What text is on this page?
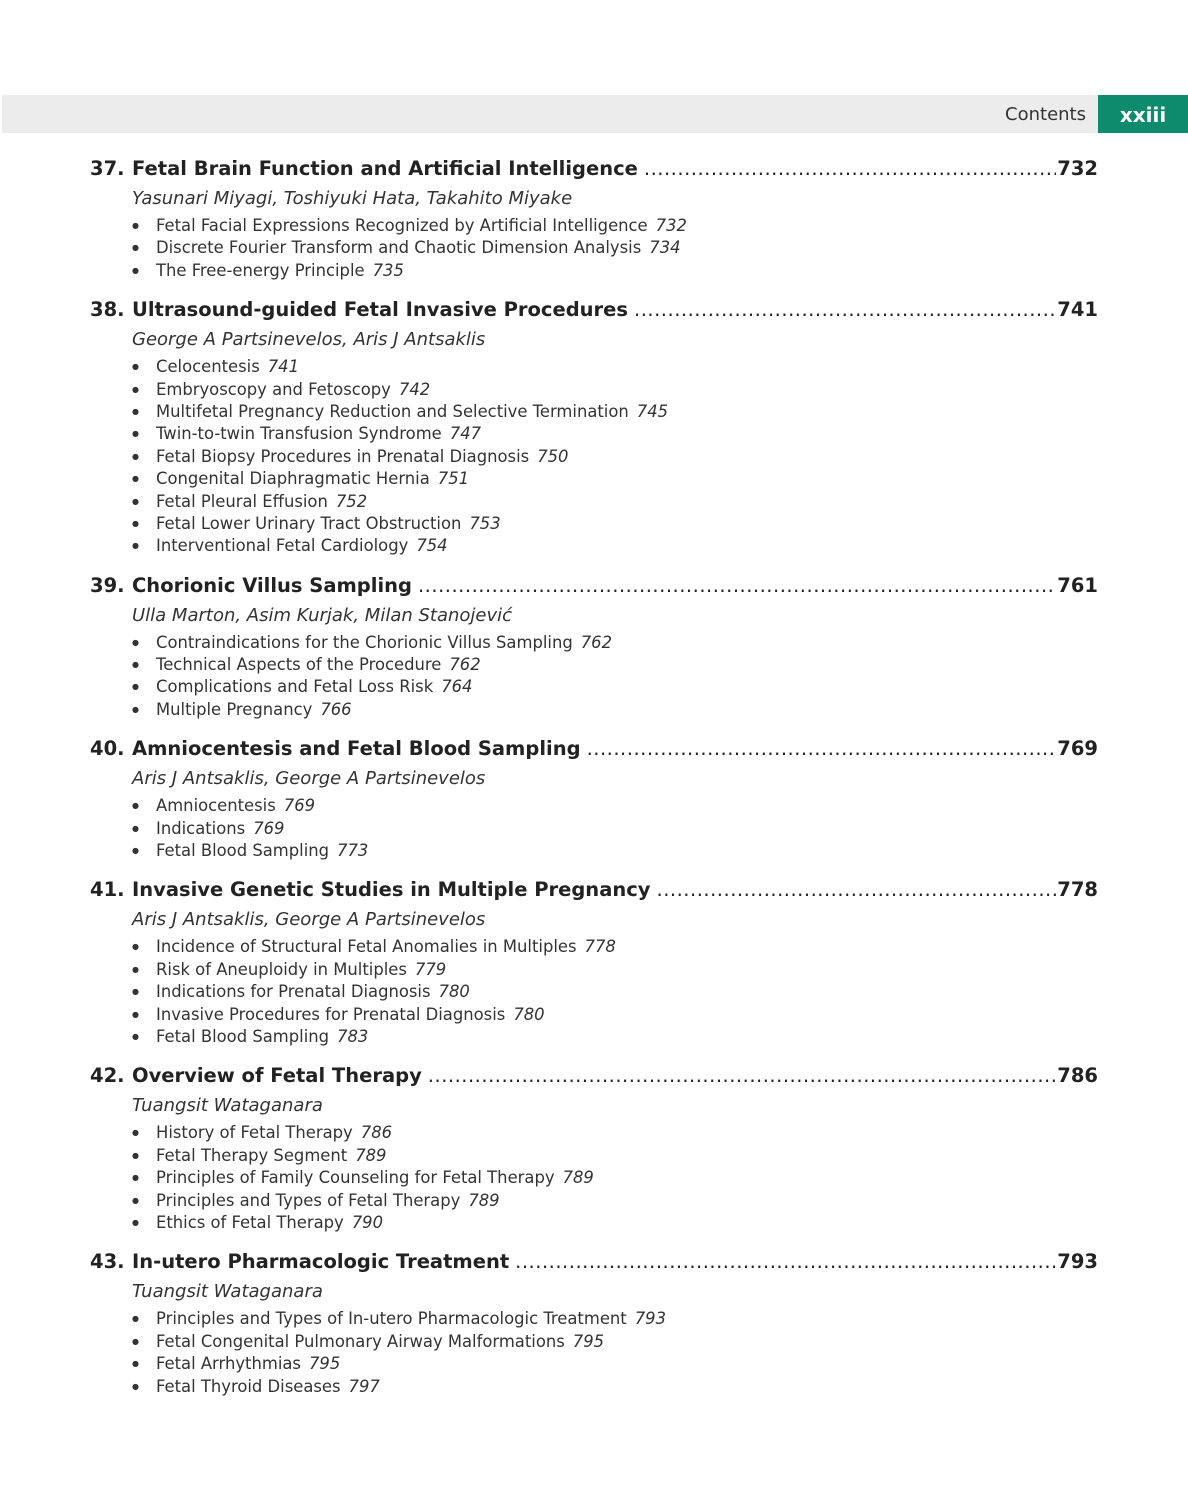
Contents	xxiii
37. Fetal Brain Function and Artificial Intelligence .....	732
Yasunari Miyagi, Toshiyuki Hata, Takahito Miyake
● Fetal Facial Expressions Recognized by Artificial Intelligence 732
● Discrete Fourier Transform and Chaotic Dimension Analysis 734
● The Free-energy Principle 735
38. Ultrasound-guided Fetal Invasive Procedures .....	741
George A Partsinevelos, Aris J Antsaklis
● Celocentesis 741
● Embryoscopy and Fetoscopy 742
● Multifetal Pregnancy Reduction and Selective Termination 745
● Twin-to-twin Transfusion Syndrome 747
● Fetal Biopsy Procedures in Prenatal Diagnosis 750
● Congenital Diaphragmatic Hernia 751
● Fetal Pleural Effusion 752
● Fetal Lower Urinary Tract Obstruction 753
● Interventional Fetal Cardiology 754
39. Chorionic Villus Sampling .....	761
Ulla Marton, Asim Kurjak, Milan Stanojević
● Contraindications for the Chorionic Villus Sampling 762
● Technical Aspects of the Procedure 762
● Complications and Fetal Loss Risk 764
● Multiple Pregnancy 766
40. Amniocentesis and Fetal Blood Sampling .....	769
Aris J Antsaklis, George A Partsinevelos
● Amniocentesis 769
● Indications 769
● Fetal Blood Sampling 773
41. Invasive Genetic Studies in Multiple Pregnancy .....	778
Aris J Antsaklis, George A Partsinevelos
● Incidence of Structural Fetal Anomalies in Multiples 778
● Risk of Aneuploidy in Multiples 779
● Indications for Prenatal Diagnosis 780
● Invasive Procedures for Prenatal Diagnosis 780
● Fetal Blood Sampling 783
42. Overview of Fetal Therapy .....	786
Tuangsit Wataganara
● History of Fetal Therapy 786
● Fetal Therapy Segment 789
● Principles of Family Counseling for Fetal Therapy 789
● Principles and Types of Fetal Therapy 789
● Ethics of Fetal Therapy 790
43. In-utero Pharmacologic Treatment .....	793
Tuangsit Wataganara
● Principles and Types of In-utero Pharmacologic Treatment 793
● Fetal Congenital Pulmonary Airway Malformations 795
● Fetal Arrhythmias 795
● Fetal Thyroid Diseases 797
